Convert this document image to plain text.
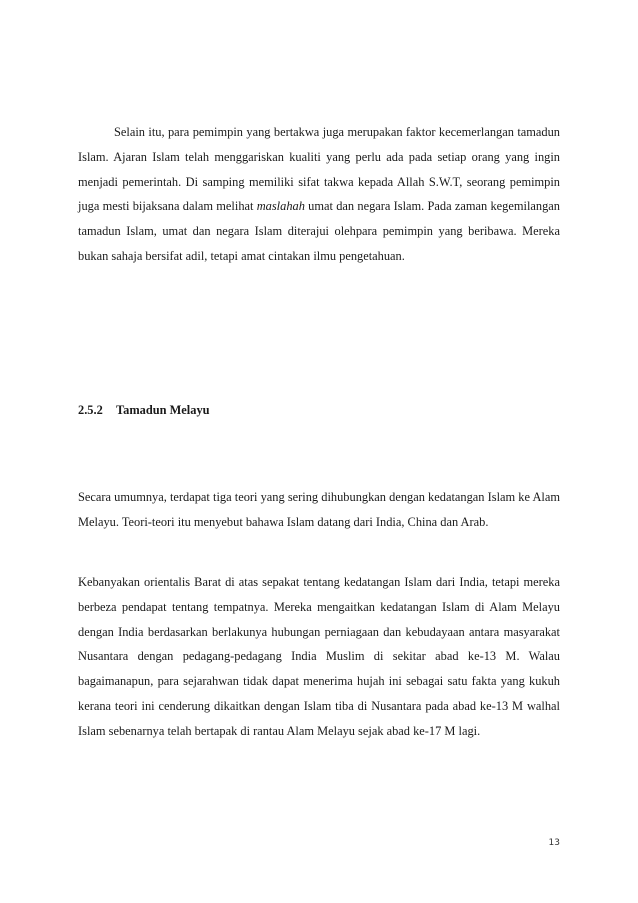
Selain itu, para pemimpin yang bertakwa juga merupakan faktor kecemerlangan tamadun Islam. Ajaran Islam telah menggariskan kualiti yang perlu ada pada setiap orang yang ingin menjadi pemerintah. Di samping memiliki sifat takwa kepada Allah S.W.T, seorang pemimpin juga mesti bijaksana dalam melihat maslahah umat dan negara Islam. Pada zaman kegemilangan tamadun Islam, umat dan negara Islam diterajui olehpara pemimpin yang beribawa. Mereka bukan sahaja bersifat adil, tetapi amat cintakan ilmu pengetahuan.

2.5.2 Tamadun Melayu

Secara umumnya, terdapat tiga teori yang sering dihubungkan dengan kedatangan Islam ke Alam Melayu. Teori-teori itu menyebut bahawa Islam datang dari India, China dan Arab.

Kebanyakan orientalis Barat di atas sepakat tentang kedatangan Islam dari India, tetapi mereka berbeza pendapat tentang tempatnya. Mereka mengaitkan kedatangan Islam di Alam Melayu dengan India berdasarkan berlakunya hubungan perniagaan dan kebudayaan antara masyarakat Nusantara dengan pedagang-pedagang India Muslim di sekitar abad ke-13 M. Walau bagaimanapun, para sejarahwan tidak dapat menerima hujah ini sebagai satu fakta yang kukuh kerana teori ini cenderung dikaitkan dengan Islam tiba di Nusantara pada abad ke-13 M walhal Islam sebenarnya telah bertapak di rantau Alam Melayu sejak abad ke-17 M lagi.

13
